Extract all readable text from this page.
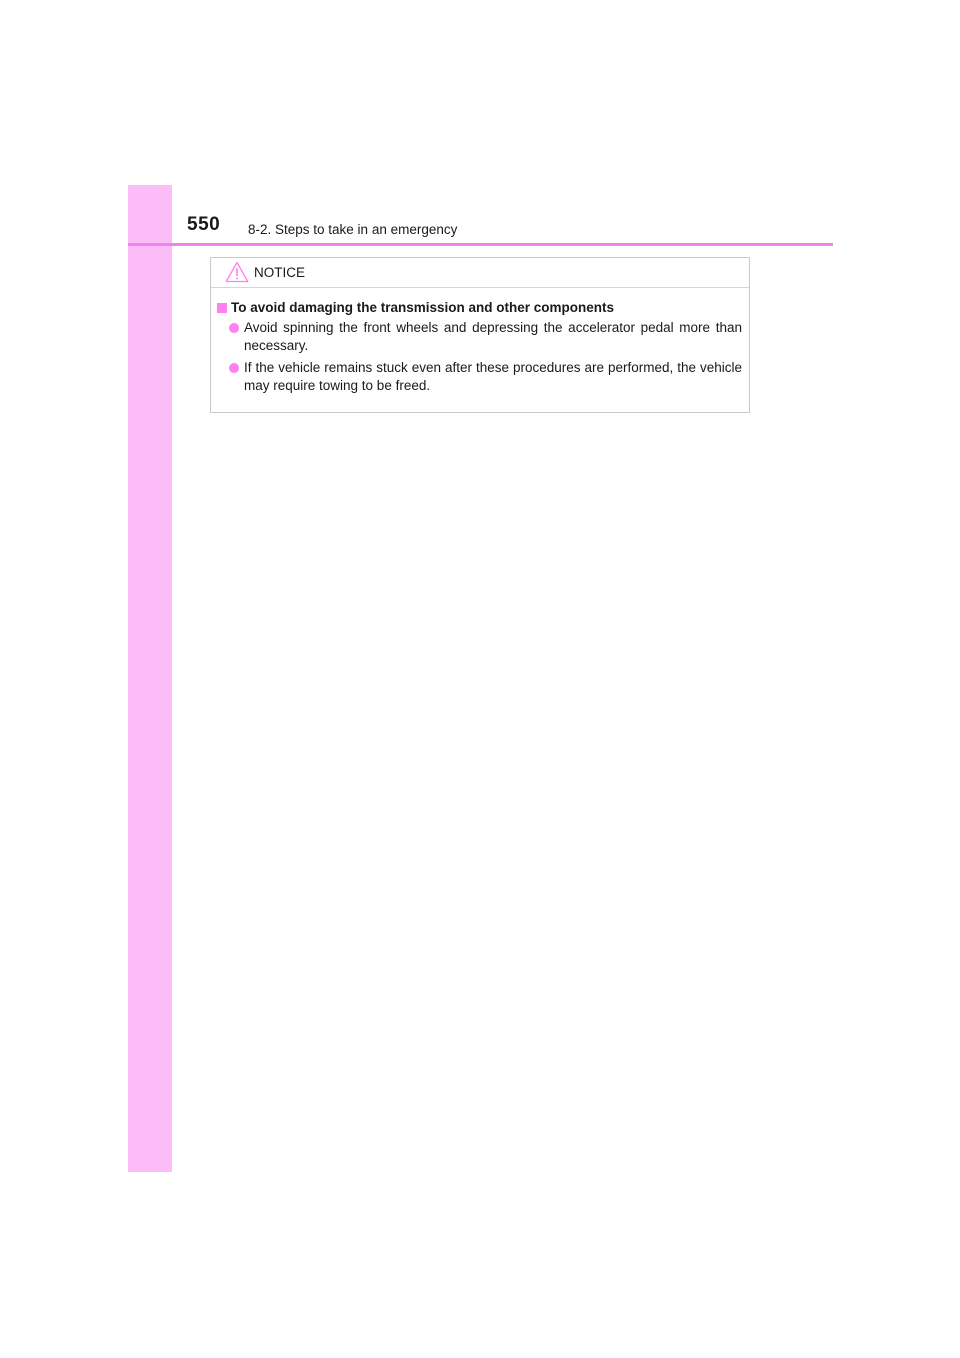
550 8-2. Steps to take in an emergency
NOTICE
To avoid damaging the transmission and other components
Avoid spinning the front wheels and depressing the accelerator pedal more than necessary.
If the vehicle remains stuck even after these procedures are performed, the vehicle may require towing to be freed.
